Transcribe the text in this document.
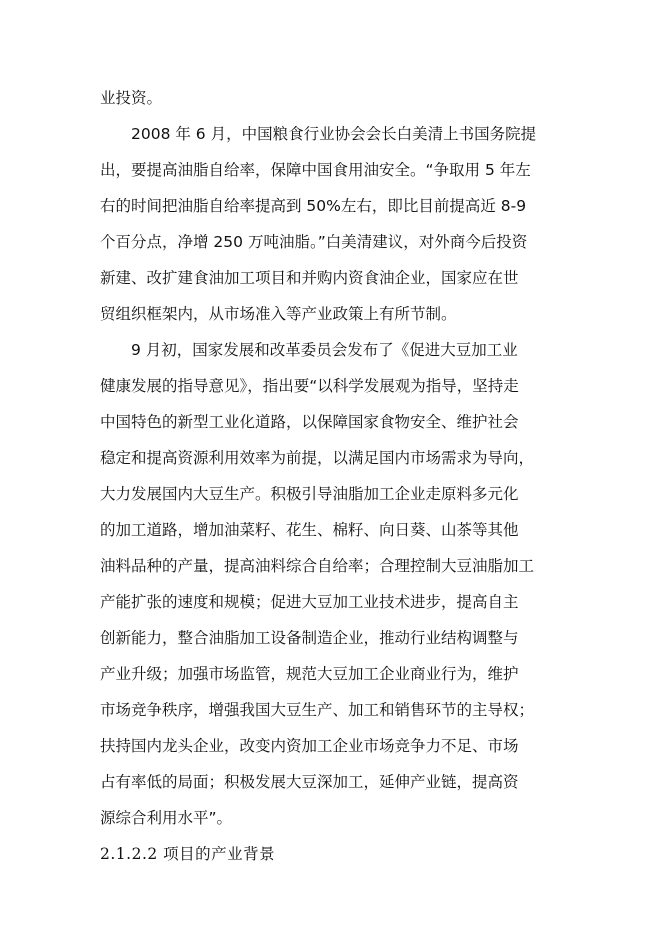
业投资。
2008 年 6 月，中国粮食行业协会会长白美清上书国务院提
出，要提高油脂自给率，保障中国食用油安全。“争取用 5 年左
右的时间把油脂自给率提高到 50%左右，即比目前提高近 8-9
个百分点，净增 250 万吨油脂。”白美清建议，对外商今后投资
新建、改扩建食油加工项目和并购内资食油企业，国家应在世
贸组织框架内，从市场准入等产业政策上有所节制。
9 月初，国家发展和改革委员会发布了《促进大豆加工业
健康发展的指导意见》，指出要“以科学发展观为指导，坚持走
中国特色的新型工业化道路，以保障国家食物安全、维护社会
稳定和提高资源利用效率为前提，以满足国内市场需求为导向，
大力发展国内大豆生产。积极引导油脂加工企业走原料多元化
的加工道路，增加油菜籽、花生、棉籽、向日葵、山茶等其他
油料品种的产量，提高油料综合自给率；合理控制大豆油脂加工
产能扩张的速度和规模；促进大豆加工业技术进步，提高自主
创新能力，整合油脂加工设备制造企业，推动行业结构调整与
产业升级；加强市场监管，规范大豆加工企业商业行为，维护
市场竞争秩序，增强我国大豆生产、加工和销售环节的主导权；
扶持国内龙头企业，改变内资加工企业市场竞争力不足、市场
占有率低的局面；积极发展大豆深加工，延伸产业链，提高资
源综合利用水平”。
2.1.2.2 项目的产业背景
